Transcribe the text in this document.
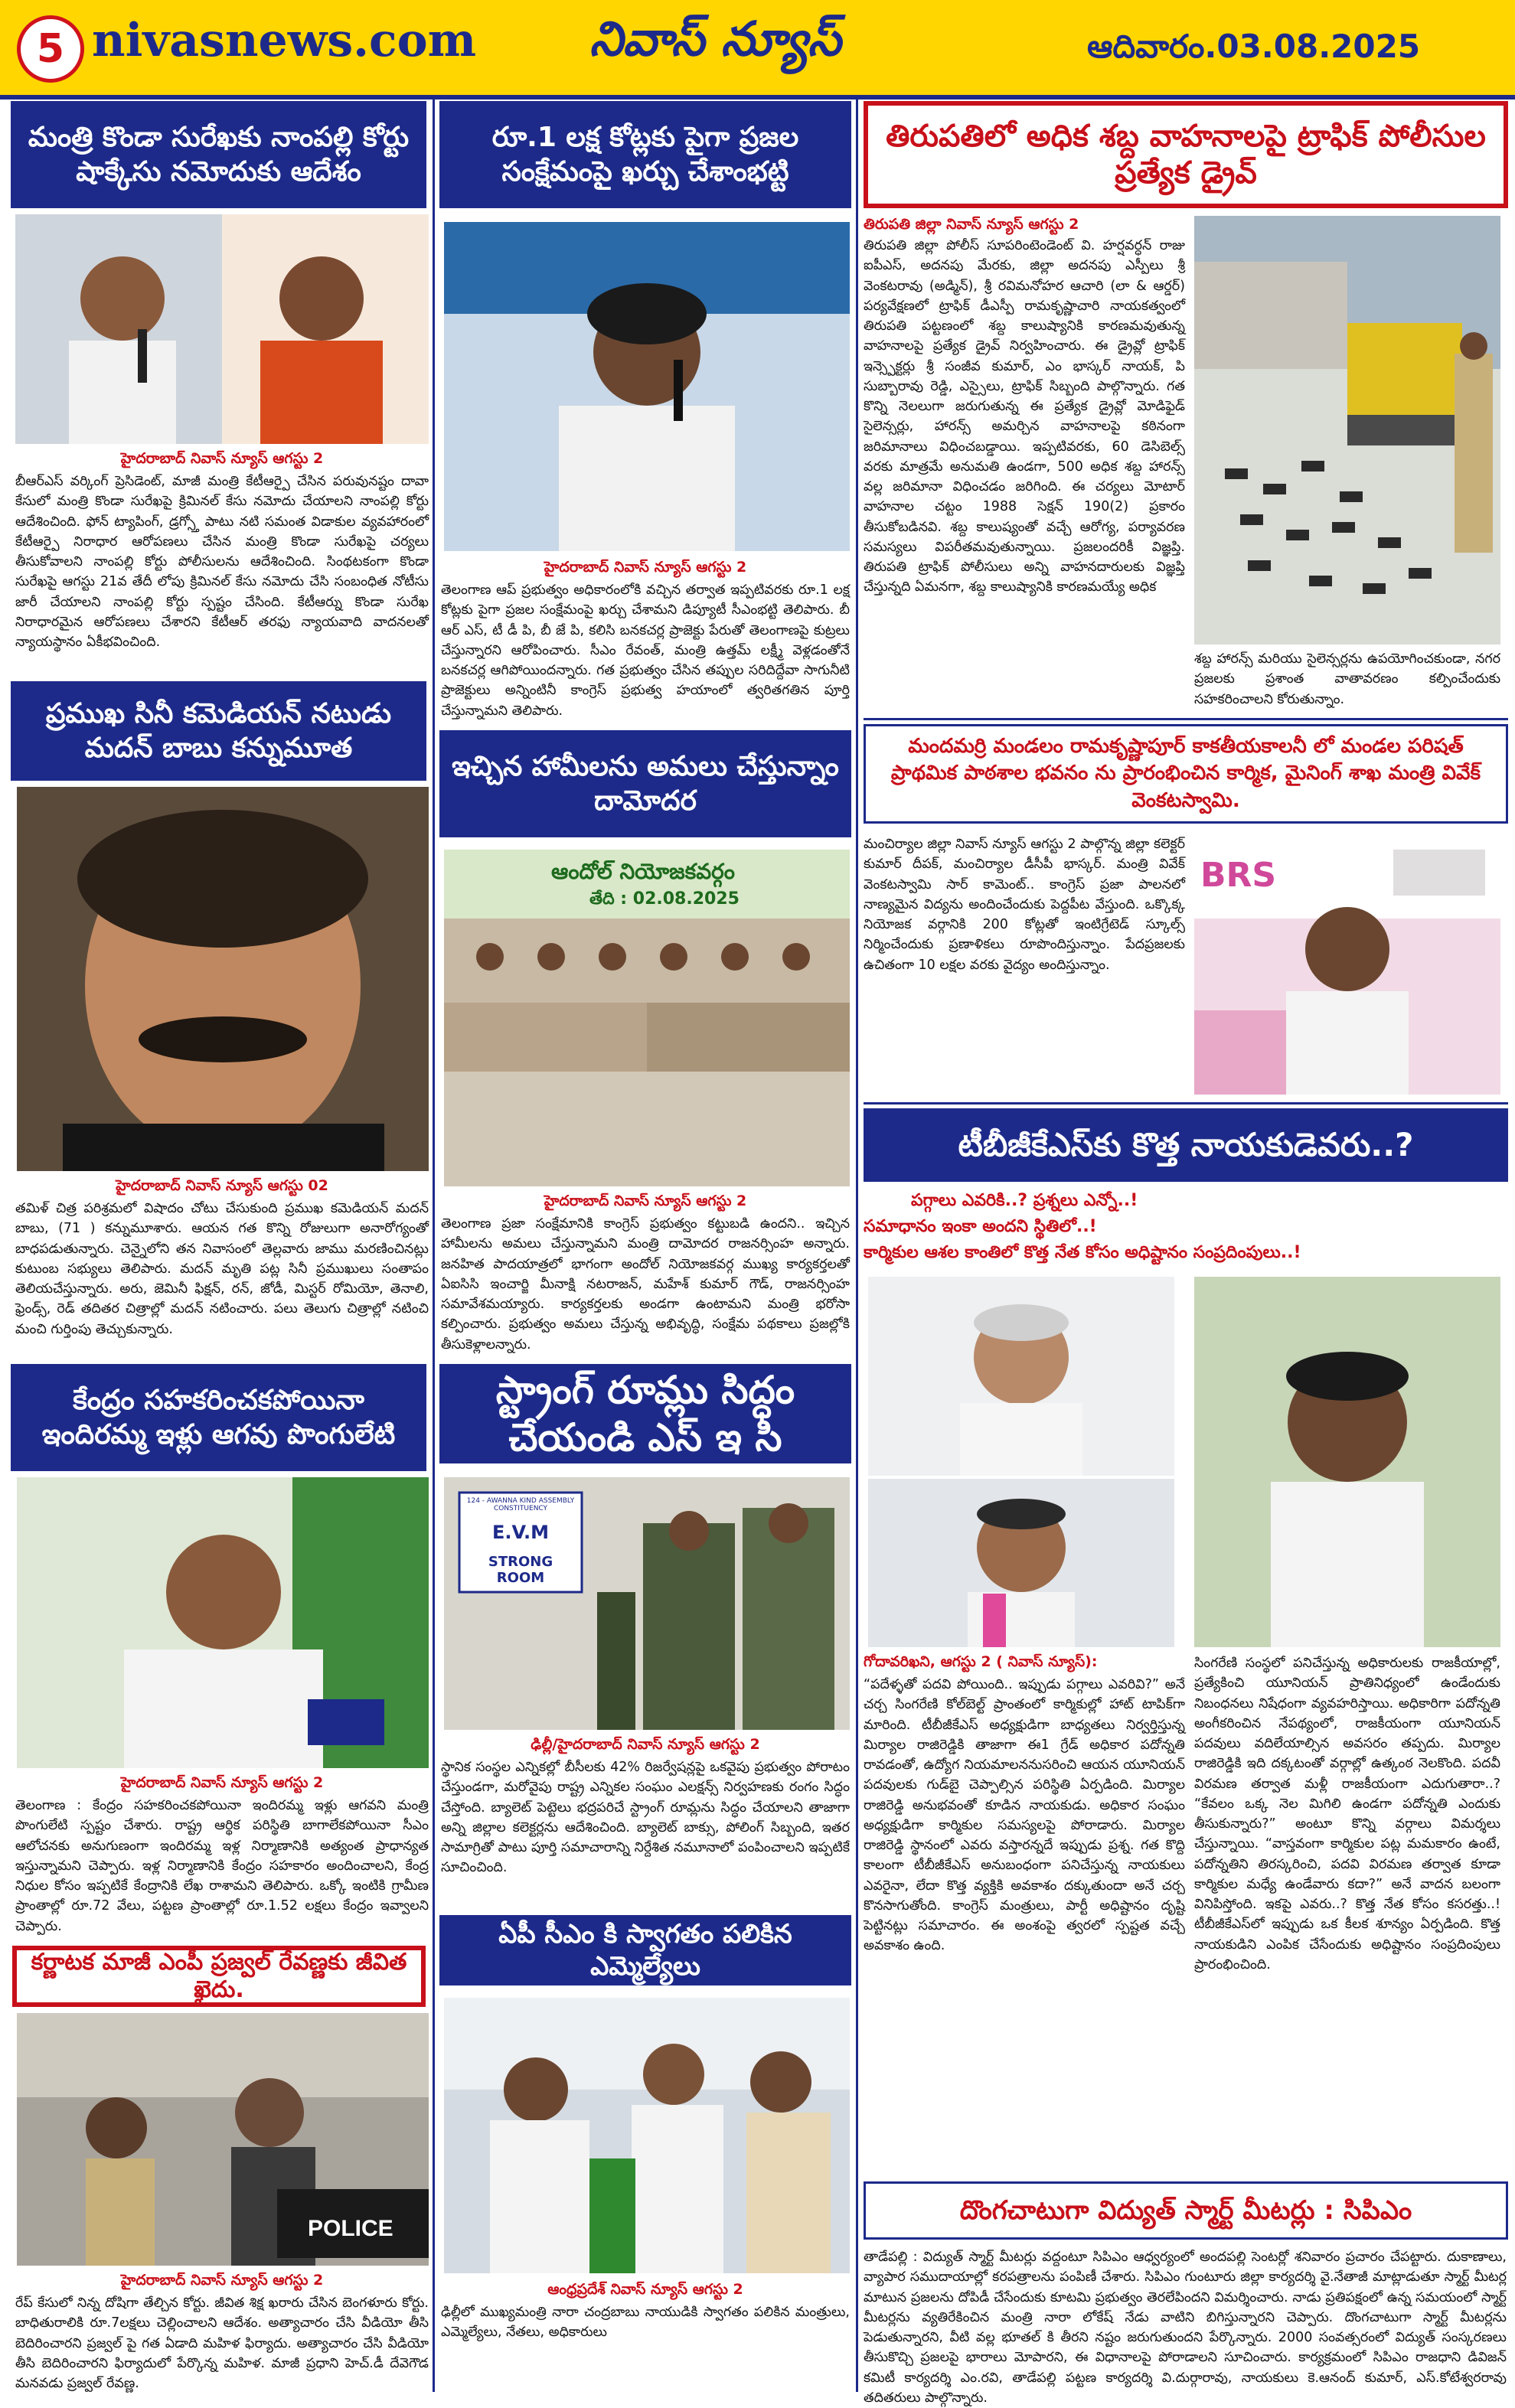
5 nivasnews.com నివాస్ న్యూస్	ఆదివారం.03.08.2025
మంత్రి కొండా సురేఖకు నాంపల్లి కోర్టు షాక్కేసు నమోదుకు ఆదేశం
హైదరాబాద్ నివాస్ న్యూస్ ఆగస్టు 2
బీఆర్ఎస్ వర్కింగ్ ప్రెసిడెంట్, మాజీ మంత్రి కేటీఆర్పై చేసిన పరువునష్టం దావా కేసులో మంత్రి కొండా సురేఖపై క్రిమినల్ కేసు నమోదు చేయాలని నాంపల్లి కోర్టు ఆదేశించింది. ఫోన్ ట్యాపింగ్, డ్రగ్స్తో పాటు నటి సమంత విడాకుల వ్యవహారంలో కేటీఆర్పై నిరాధార ఆరోపణలు చేసిన మంత్రి కొండా సురేఖపై చర్యలు తీసుకోవాలని నాంపల్లి కోర్టు పోలీసులను ఆదేశించింది. సింథటకంగా కొండా సురేఖపై ఆగస్టు 21వ తేదీ లోపు క్రిమినల్ కేసు నమోదు చేసి సంబంధిత నోటీసు జారీ చేయాలని నాంపల్లి కోర్టు స్పష్టం చేసింది. కేటీఆర్ను కొండా సురేఖ నిరాధారమైన ఆరోపణలు చేశారని కేటీఆర్ తరఫు న్యాయవాది వాదనలతో న్యాయస్థానం ఏకీభవించింది.
ప్రముఖ సినీ కమెడియన్ నటుడు మదన్ బాబు కన్నుమూత
హైదరాబాద్ నివాస్ న్యూస్ ఆగస్టు 02
తమిళ్ చిత్ర పరిశ్రమలో విషాదం చోటు చేసుకుంది ప్రముఖ కమెడియన్ మదన్ బాబు, (71 ) కన్నుమూశారు. ఆయన గత కొన్ని రోజులుగా అనారోగ్యంతో బాధపడుతున్నారు. చెన్నైలోని తన నివాసంలో తెల్లవారు జాము మరణించినట్లు కుటుంబ సభ్యులు తెలిపారు. మదన్ మృతి పట్ల సినీ ప్రముఖులు సంతాపం తెలియచేస్తున్నారు. అరు, జెమినీ ఫిక్షన్, రన్, జోడీ, మిస్టర్ రోమియో, తెనాలి, ఫ్రెండ్స్, రెడ్ తదితర చిత్రాల్లో మదన్ నటించారు. పలు తెలుగు చిత్రాల్లో నటించి మంచి గుర్తింపు తెచ్చుకున్నారు.
కేంద్రం సహకరించకపోయినా ఇందిరమ్మ ఇళ్లు ఆగవు పొంగులేటి
హైదరాబాద్ నివాస్ న్యూస్ ఆగస్టు 2
తెలంగాణ : కేంద్రం సహకరించకపోయినా ఇందిరమ్మ ఇళ్లు ఆగవని మంత్రి పొంగులేటి స్పష్టం చేశారు. రాష్ట్ర ఆర్థిక పరిస్థితి బాగాలేకపోయినా సీఎం ఆలోచనకు అనుగుణంగా ఇందిరమ్మ ఇళ్ల నిర్మాణానికి అత్యంత ప్రాధాన్యత ఇస్తున్నామని చెప్పారు. ఇళ్ల నిర్మాణానికి కేంద్రం సహకారం అందించాలని, కేంద్ర నిధుల కోసం ఇప్పటికే కేంద్రానికి లేఖ రాశామని తెలిపారు. ఒక్కో ఇంటికి గ్రామీణ ప్రాంతాల్లో రూ.72 వేలు, పట్టణ ప్రాంతాల్లో రూ.1.52 లక్షలు కేంద్రం ఇవ్వాలని చెప్పారు.
కర్ణాటక మాజీ ఎంపీ ప్రజ్వల్ రేవణ్ణకు జీవిత ఖైదు.
POLICE
హైదరాబాద్ నివాస్ న్యూస్ ఆగస్టు 2
రేప్ కేసులో నిన్న దోషిగా తేల్చిన కోర్టు. జీవిత శిక్ష ఖరారు చేసిన బెంగళూరు కోర్టు. బాధితురాలికి రూ.7లక్షలు చెల్లించాలని ఆదేశం. అత్యాచారం చేసి వీడియో తీసి బెదిరించారని ప్రజ్వల్ పై గత ఏడాది మహిళ ఫిర్యాదు. అత్యాచారం చేసి వీడియో తీసి బెదిరించారని ఫిర్యాదులో పేర్కొన్న మహిళ. మాజీ ప్రధాని హెచ్.డీ దేవెగౌడ మనవడు ప్రజ్వల్ రేవణ్ణ.
రూ.1 లక్ష కోట్లకు పైగా ప్రజల సంక్షేమంపై ఖర్చు చేశాంభట్టి
హైదరాబాద్ నివాస్ న్యూస్ ఆగస్టు 2
తెలంగాణ ఆప్ ప్రభుత్వం అధికారంలోకి వచ్చిన తర్వాత ఇప్పటివరకు రూ.1 లక్ష కోట్లకు పైగా ప్రజల సంక్షేమంపై ఖర్చు చేశామని డిప్యూటీ సీఎంభట్టి తెలిపారు. బీ ఆర్ ఎస్, టీ డీ పి, బీ జే పి, కలిసి బనకచర్ల ప్రాజెక్టు పేరుతో తెలంగాణపై కుట్రలు చేస్తున్నారని ఆరోపించారు. సీఎం రేవంత్, మంత్రి ఉత్తమ్ లక్ష్మీ వెళ్లడంతోనే బనకచర్ల ఆగిపోయిందన్నారు. గత ప్రభుత్వం చేసిన తప్పుల సరిదిద్దేవా సాగునీటి ప్రాజెక్టులు అన్నింటినీ కాంగ్రెస్ ప్రభుత్వ హయాంలో త్వరితగతిన పూర్తి చేస్తున్నామని తెలిపారు.
ఇచ్చిన హామీలను అమలు చేస్తున్నాం దామోదర
ఆందోల్ నియోజకవర్గం
తేది : 02.08.2025
హైదరాబాద్ నివాస్ న్యూస్ ఆగస్టు 2
తెలంగాణ ప్రజా సంక్షేమానికి కాంగ్రెస్ ప్రభుత్వం కట్టుబడి ఉందని.. ఇచ్చిన హామీలను అమలు చేస్తున్నామని మంత్రి దామోదర రాజనర్సింహ అన్నారు. జనహిత పాదయాత్రలో భాగంగా అందోల్ నియోజకవర్గ ముఖ్య కార్యకర్తలతో ఏఐసిసి ఇంచార్జి మీనాక్షి నటరాజన్, మహేశ్ కుమార్ గౌడ్, రాజనర్సింహ సమావేశమయ్యారు. కార్యకర్తలకు అండగా ఉంటామని మంత్రి భరోసా కల్పించారు. ప్రభుత్వం అమలు చేస్తున్న అభివృద్ధి, సంక్షేమ పథకాలు ప్రజల్లోకి తీసుకెళ్లాలన్నారు.
స్ట్రాంగ్ రూమ్లు సిద్ధం చేయండి ఎస్ ఇ సి
124 - AWANNA KIND ASSEMBLY CONSTITUENCY
E.V.M
STRONG ROOM
ఢిల్లీ/హైదరాబాద్ నివాస్ న్యూస్ ఆగస్టు 2
స్థానిక సంస్థల ఎన్నికల్లో బీసీలకు 42% రిజర్వేషన్లపై ఒకవైపు ప్రభుత్వం పోరాటం చేస్తుండగా, మరోవైపు రాష్ట్ర ఎన్నికల సంఘం ఎలక్షన్స్ నిర్వహణకు రంగం సిద్ధం చేస్తోంది. బ్యాలెట్ పెట్టెలు భద్రపరిచే స్ట్రాంగ్ రూమ్లను సిద్ధం చేయాలని తాజాగా అన్ని జిల్లాల కలెక్టర్లను ఆదేశించింది. బ్యాలెట్ బాక్సు, పోలింగ్ సిబ్బంది, ఇతర సామాగ్రితో పాటు పూర్తి సమాచారాన్ని నిర్దేశిత నమూనాలో పంపించాలని ఇప్పటికే సూచించింది.
ఏపీ సీఎం కి స్వాగతం పలికిన ఎమ్మెల్యేలు
ఆంధ్రప్రదేశ్ నివాస్ న్యూస్ ఆగస్టు 2
ఢిల్లీలో ముఖ్యమంత్రి నారా చంద్రబాబు నాయుడికి స్వాగతం పలికిన మంత్రులు, ఎమ్మెల్యేలు, నేతలు, అధికారులు
తిరుపతిలో అధిక శబ్ద వాహనాలపై ట్రాఫిక్ పోలీసుల ప్రత్యేక డ్రైవ్
తిరుపతి జిల్లా నివాస్ న్యూస్ ఆగస్టు 2
తిరుపతి జిల్లా పోలీస్ సూపరింటెండెంట్ వి. హర్షవర్ధన్ రాజు ఐపీఎస్, అదనపు మేరకు, జిల్లా అదనపు ఎస్పీలు శ్రీ వెంకటరావు (అడ్మిన్), శ్రీ రవిమనోహర ఆచారి (లా & ఆర్డర్) పర్యవేక్షణలో ట్రాఫిక్ డీఎస్పీ రామకృష్ణాచారి నాయకత్వంలో తిరుపతి పట్టణంలో శబ్ద కాలుష్యానికి కారణమవుతున్న వాహనాలపై ప్రత్యేక డ్రైవ్ నిర్వహించారు. ఈ డ్రైవ్లో ట్రాఫిక్ ఇన్స్పెక్టర్లు శ్రీ సంజీవ కుమార్, ఎం భాస్కర్ నాయక్, పి సుబ్బారావు రెడ్డి, ఎస్సైలు, ట్రాఫిక్ సిబ్బంది పాల్గొన్నారు. గత కొన్ని నెలలుగా జరుగుతున్న ఈ ప్రత్యేక డ్రైవ్లో మోడిఫైడ్ సైలెన్సర్లు, హారన్స్ అమర్చిన వాహనాలపై కఠినంగా జరిమానాలు విధించబడ్డాయి. ఇప్పటివరకు, 60 డెసిబెల్స్ వరకు మాత్రమే అనుమతి ఉండగా, 500 అధిక శబ్ద హారన్స్ వల్ల జరిమానా విధించడం జరిగింది. ఈ చర్యలు మోటార్ వాహనాల చట్టం 1988 సెక్షన్ 190(2) ప్రకారం తీసుకోబడినవి. శబ్ద కాలుష్యంతో వచ్చే ఆరోగ్య, పర్యావరణ సమస్యలు విపరీతమవుతున్నాయి. ప్రజలందరికీ విజ్ఞప్తి. తిరుపతి ట్రాఫిక్ పోలీసులు అన్ని వాహనదారులకు విజ్ఞప్తి చేస్తున్నది ఏమనగా, శబ్ద కాలుష్యానికి కారణమయ్యే అధిక
శబ్ద హారన్స్ మరియు సైలెన్సర్లను ఉపయోగించకుండా, నగర ప్రజలకు ప్రశాంత వాతావరణం కల్పించేందుకు సహకరించాలని కోరుతున్నాం.
మందమర్రి మండలం రామకృష్ణాపూర్ కాకతీయకాలనీ లో మండల పరిషత్ ప్రాథమిక పాఠశాల భవనం ను ప్రారంభించిన కార్మిక, మైనింగ్ శాఖ మంత్రి వివేక్ వెంకటస్వామి.
మంచిర్యాల జిల్లా నివాస్ న్యూస్ ఆగస్టు 2 పాల్గొన్న జిల్లా కలెక్టర్ కుమార్ దీపక్, మంచిర్యాల డీసీపీ భాస్కర్. మంత్రి వివేక్ వెంకటస్వామి సార్ కామెంట్.. కాంగ్రెస్ ప్రజా పాలనలో నాణ్యమైన విద్యను అందించేందుకు పెద్దపీట వేస్తుంది. ఒక్కొక్క నియోజక వర్గానికి 200 కోట్లతో ఇంటిగ్రేటెడ్ స్కూల్స్ నిర్మించేందుకు ప్రణాళికలు రూపొందిస్తున్నాం. పేదప్రజలకు ఉచితంగా 10 లక్షల వరకు వైద్యం అందిస్తున్నాం.
BRS
టీబీజీకేఎస్‌కు కొత్త నాయకుడెవరు..?
పగ్గాలు ఎవరికి..? ప్రశ్నలు ఎన్నో..!
సమాధానం ఇంకా అందని స్థితిలో..!
కార్మికుల ఆశల కాంతిలో కొత్త నేత కోసం అధిష్టానం సంప్రదింపులు..!
గోదావరిఖని, ఆగస్టు 2 ( నివాస్ న్యూస్):
“పదేళ్ళతో పదవి పోయింది.. ఇప్పుడు పగ్గాలు ఎవరివి?” అనే చర్చ సింగరేణి కోల్‌బెల్ట్ ప్రాంతంలో కార్మికుల్లో హాట్ టాపిక్‌గా మారింది. టీబీజీకేఎస్ అధ్యక్షుడిగా బాధ్యతలు నిర్వర్తిస్తున్న మిర్యాల రాజిరెడ్డికి తాజాగా ఈ1 గ్రేడ్ అధికార పదోన్నతి రావడంతో, ఉద్యోగ నియమాలననుసరించి ఆయన యూనియన్ పదవులకు గుడ్‌బై చెప్పాల్సిన పరిస్థితి ఏర్పడింది. మిర్యాల రాజిరెడ్డి అనుభవంతో కూడిన నాయకుడు. అధికార సంఘం అధ్యక్షుడిగా కార్మికుల సమస్యలపై పోరాడారు. మిర్యాల రాజిరెడ్డి స్థానంలో ఎవరు వస్తారన్నదే ఇప్పుడు ప్రశ్న. గత కొద్ది కాలంగా టీబీజీకేఎస్ అనుబంధంగా పనిచేస్తున్న నాయకులు ఎవరైనా, లేదా కొత్త వ్యక్తికి అవకాశం దక్కుతుందా అనే చర్చ కొనసాగుతోంది. కాంగ్రెస్ మంత్రులు, పార్టీ అధిష్టానం దృష్టి పెట్టినట్లు సమాచారం. ఈ అంశంపై త్వరలో స్పష్టత వచ్చే అవకాశం ఉంది.
సింగరేణి సంస్థలో పనిచేస్తున్న అధికారులకు రాజకీయాల్లో, ప్రత్యేకించి యూనియన్ ప్రాతినిధ్యంలో ఉండేందుకు నిబంధనలు నిషేధంగా వ్యవహరిస్తాయి. అధికారిగా పదోన్నతి అంగీకరించిన నేపథ్యంలో, రాజకీయంగా యూనియన్ పదవులు వదిలేయాల్సిన అవసరం తప్పదు. మిర్యాల రాజిరెడ్డికి ఇది దక్కటంతో వర్గాల్లో ఉత్కంఠ నెలకొంది. పదవీ విరమణ తర్వాత మళ్లీ రాజకీయంగా ఎదుగుతారా..? “కేవలం ఒక్క నెల మిగిలి ఉండగా పదోన్నతి ఎందుకు తీసుకున్నారు?” అంటూ కొన్ని వర్గాలు విమర్శలు చేస్తున్నాయి. “వాస్తవంగా కార్మికుల పట్ల మమకారం ఉంటే, పదోన్నతిని తిరస్కరించి, పదవి విరమణ తర్వాత కూడా కార్మికుల మధ్యే ఉండేవారు కదా?” అనే వాదన బలంగా వినిపిస్తోంది. ఇకపై ఎవరు..? కొత్త నేత కోసం కసరత్తు..! టీబీజీకేఎస్‌లో ఇప్పుడు ఒక కీలక శూన్యం ఏర్పడింది. కొత్త నాయకుడిని ఎంపిక చేసేందుకు అధిష్టానం సంప్రదింపులు ప్రారంభించింది.
దొంగచాటుగా విద్యుత్ స్మార్ట్ మీటర్లు : సిపిఎం
తాడేపల్లి : విద్యుత్ స్మార్ట్ మీటర్లు వద్దంటూ సిపిఎం ఆధ్వర్యంలో అందపల్లి సెంటర్లో శనివారం ప్రచారం చేపట్టారు. దుకాణాలు, వ్యాపార సముదాయాల్లో కరపత్రాలను పంపిణీ చేశారు. సిపిఎం గుంటూరు జిల్లా కార్యదర్శి వై.నేతాజీ మాట్లాడుతూ స్మార్ట్ మీటర్ల మాటున ప్రజలను దోపిడీ చేసేందుకు కూటమి ప్రభుత్వం తెరలేపిందని విమర్శించారు. నాడు ప్రతిపక్షంలో ఉన్న సమయంలో స్మార్ట్ మీటర్లను వ్యతిరేకించిన మంత్రి నారా లోకేష్ నేడు వాటిని బిగిస్తున్నారని చెప్పారు. దొంగచాటుగా స్మార్ట్ మీటర్లను పెడుతున్నారని, వీటి వల్ల భూతల్ కి తీరని నష్టం జరుగుతుందని పేర్కొన్నారు. 2000 సంవత్సరంలో విద్యుత్ సంస్కరణలు తీసుకొచ్చి ప్రజలపై భారాలు మోపారని, ఈ విధానాలపై పోరాడాలని సూచించారు. కార్యక్రమంలో సిపిఎం రాజధాని డివిజన్ కమిటీ కార్యదర్శి ఎం.రవి, తాడేపల్లి పట్టణ కార్యదర్శి వి.దుర్గారావు, నాయకులు కె.ఆనంద్ కుమార్, ఎస్.కోటేశ్వరరావు తదితరులు పాల్గొన్నారు.
